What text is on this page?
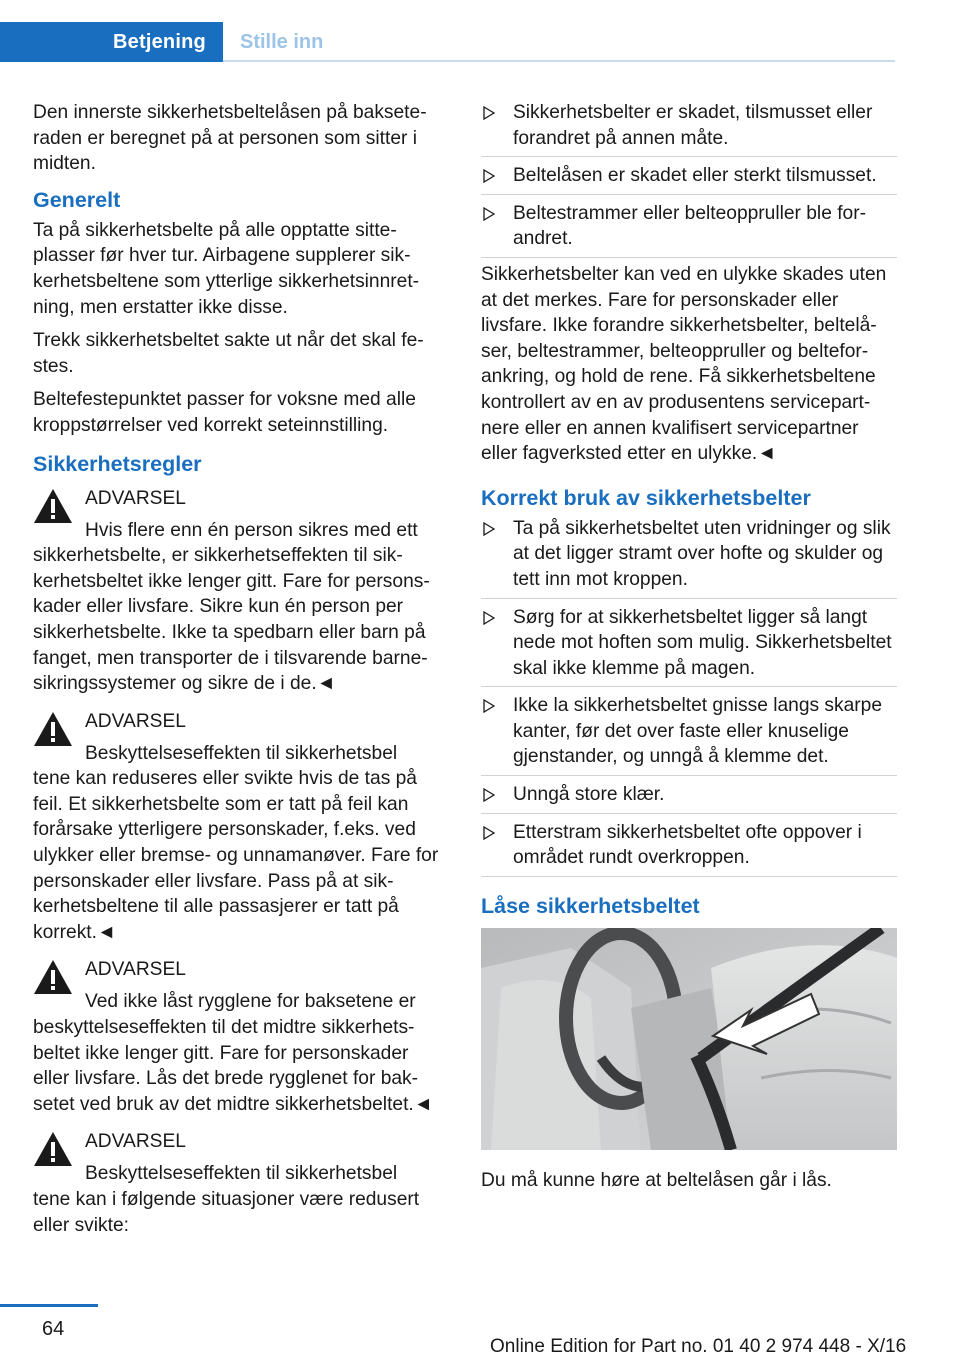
Betjening Stille inn

Den innerste sikkerhetsbeltelåsen på bakseteraden er beregnet på at personen som sitter i midten.

Generelt

Ta på sikkerhetsbelte på alle opptatte sitteplasser før hver tur. Airbagene supplerer sikkerhetsbeltene som ytterlige sikkerhetsinnretning, men erstatter ikke disse.

Trekk sikkerhetsbeltet sakte ut når det skal festes.

Beltefestepunktet passer for voksne med alle kroppstørrelser ved korrekt seteinnstilling.

Sikkerhetsregler
ADVARSEL
Hvis flere enn én person sikres med ett
sikkerhetsbelte, er sikkerhetseffekten til sikkerhetsbeltet ikke lenger gitt. Fare for personskader eller livsfare. Sikre kun én person per sikkerhetsbelte. Ikke ta spedbarn eller barn på fanget, men transporter de i tilsvarende barnesikringssystemer og sikre de i de.◄
ADVARSEL
Beskyttelseseffekten til sikkerhetsbel
tene kan reduseres eller svikte hvis de tas på feil. Et sikkerhetsbelte som er tatt på feil kan forårsake ytterligere personskader, f.eks. ved ulykker eller bremse- og unnamanøver. Fare for personskader eller livsfare. Pass på at sikkerhetsbeltene til alle passasjerer er tatt på korrekt.◄
ADVARSEL
Ved ikke låst rygglene for baksetene er
beskyttelseseffekten til det midtre sikkerhetsbeltet ikke lenger gitt. Fare for personskader eller livsfare. Lås det brede rygglenet for baksetet ved bruk av det midtre sikkerhetsbeltet.◄
ADVARSEL
Beskyttelseseffekten til sikkerhetsbel
tene kan i følgende situasjoner være redusert eller svikte:
Sikkerhetsbelter er skadet, tilsmusset eller forandret på annen måte.
Beltelåsen er skadet eller sterkt tilsmusset.
Beltestrammer eller belteoppruller ble forandret.

Sikkerhetsbelter kan ved en ulykke skades uten at det merkes. Fare for personskader eller livsfare. Ikke forandre sikkerhetsbelter, beltelåser, beltestrammer, belteoppruller og belteforankring, og hold de rene. Få sikkerhetsbeltene kontrollert av en av produsentens servicepartnere eller en annen kvalifisert servicepartner eller fagverksted etter en ulykke.◄

Korrekt bruk av sikkerhetsbelter
Ta på sikkerhetsbeltet uten vridninger og slik at det ligger stramt over hofte og skulder og tett inn mot kroppen.
Sørg for at sikkerhetsbeltet ligger så langt nede mot hoften som mulig. Sikkerhetsbeltet skal ikke klemme på magen.
Ikke la sikkerhetsbeltet gnisse langs skarpe kanter, før det over faste eller knuselige gjenstander, og unngå å klemme det.
Unngå store klær.
Etterstram sikkerhetsbeltet ofte oppover i området rundt overkroppen.
Låse sikkerhetsbeltet

Du må kunne høre at beltelåsen går i lås.

64
Online Edition for Part no. 01 40 2 974 448 - X/16
